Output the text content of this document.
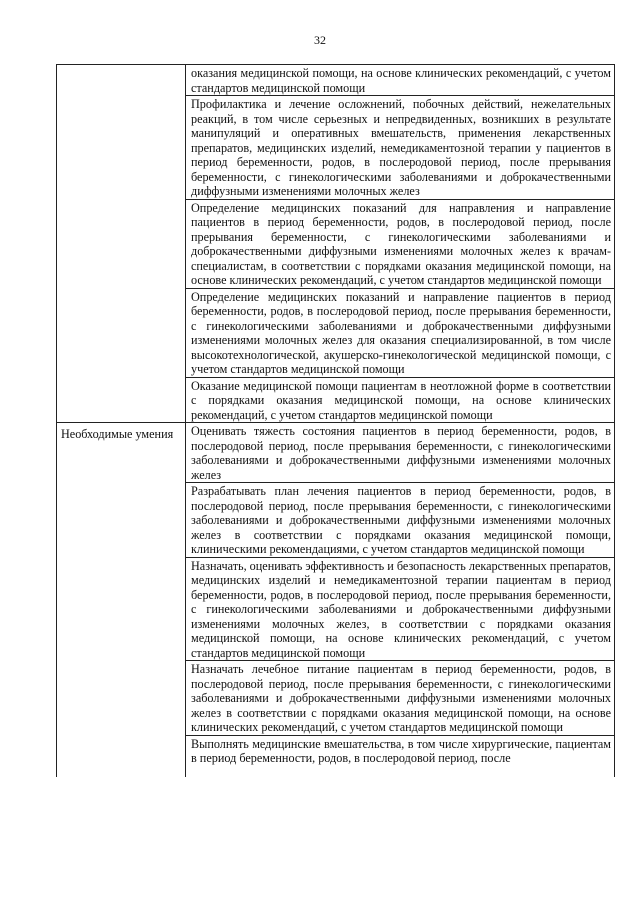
32
	оказания медицинской помощи, на основе клинических рекомендаций, с учетом стандартов медицинской помощи
	Профилактика и лечение осложнений, побочных действий, нежелательных реакций, в том числе серьезных и непредвиденных, возникших в результате манипуляций и оперативных вмешательств, применения лекарственных препаратов, медицинских изделий, немедикаментозной терапии у пациентов в период беременности, родов, в послеродовой период, после прерывания беременности, с гинекологическими заболеваниями и доброкачественными диффузными изменениями молочных желез
	Определение медицинских показаний для направления и направление пациентов в период беременности, родов, в послеродовой период, после прерывания беременности, с гинекологическими заболеваниями и доброкачественными диффузными изменениями молочных желез к врачам-специалистам, в соответствии с порядками оказания медицинской помощи, на основе клинических рекомендаций, с учетом стандартов медицинской помощи
	Определение медицинских показаний и направление пациентов в период беременности, родов, в послеродовой период, после прерывания беременности, с гинекологическими заболеваниями и доброкачественными диффузными изменениями молочных желез для оказания специализированной, в том числе высокотехнологической, акушерско-гинекологической медицинской помощи, с учетом стандартов медицинской помощи
	Оказание медицинской помощи пациентам в неотложной форме в соответствии с порядками оказания медицинской помощи, на основе клинических рекомендаций, с учетом стандартов медицинской помощи
Необходимые умения	Оценивать тяжесть состояния пациентов в период беременности, родов, в послеродовой период, после прерывания беременности, с гинекологическими заболеваниями и доброкачественными диффузными изменениями молочных желез
	Разрабатывать план лечения пациентов в период беременности, родов, в послеродовой период, после прерывания беременности, с гинекологическими заболеваниями и доброкачественными диффузными изменениями молочных желез в соответствии с порядками оказания медицинской помощи, клиническими рекомендациями, с учетом стандартов медицинской помощи
	Назначать, оценивать эффективность и безопасность лекарственных препаратов, медицинских изделий и немедикаментозной терапии пациентам в период беременности, родов, в послеродовой период, после прерывания беременности, с гинекологическими заболеваниями и доброкачественными диффузными изменениями молочных желез, в соответствии с порядками оказания медицинской помощи, на основе клинических рекомендаций, с учетом стандартов медицинской помощи
	Назначать лечебное питание пациентам в период беременности, родов, в послеродовой период, после прерывания беременности, с гинекологическими заболеваниями и доброкачественными диффузными изменениями молочных желез в соответствии с порядками оказания медицинской помощи, на основе клинических рекомендаций, с учетом стандартов медицинской помощи
	Выполнять медицинские вмешательства, в том числе хирургические, пациентам в период беременности, родов, в послеродовой период, после
